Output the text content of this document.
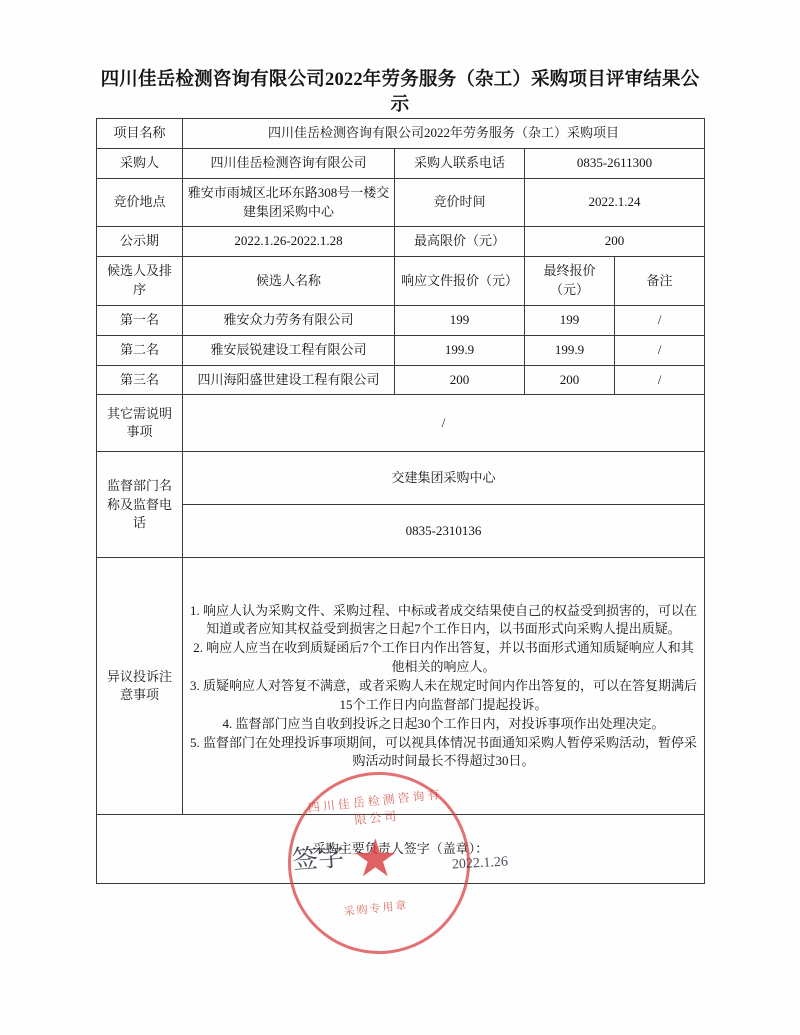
四川佳岳检测咨询有限公司2022年劳务服务（杂工）采购项目评审结果公示
项目名称	四川佳岳检测咨询有限公司2022年劳务服务（杂工）采购项目			
采购人	四川佳岳检测咨询有限公司	采购人联系电话	0835-2611300	
竞价地点	雅安市雨城区北环东路308号一楼交建集团采购中心	竞价时间	2022.1.24	
公示期	2022.1.26-2022.1.28	最高限价（元）	200	
候选人及排序	候选人名称	响应文件报价（元）	最终报价（元）	备注
第一名	雅安众力劳务有限公司	199	199	/
第二名	雅安辰锐建设工程有限公司	199.9	199.9	/
第三名	四川海阳盛世建设工程有限公司	200	200	/
其它需说明事项	/			
监督部门名称及监督电话	交建集团采购中心			
	0835-2310136			
异议投诉注意事项	1. 响应人认为采购文件、采购过程、中标或者成交结果使自己的权益受到损害的，可以在知道或者应知其权益受到损害之日起7个工作日内，以书面形式向采购人提出质疑。

2. 响应人应当在收到质疑函后7个工作日内作出答复，并以书面形式通知质疑响应人和其他相关的响应人。

3. 质疑响应人对答复不满意，或者采购人未在规定时间内作出答复的，可以在答复期满后15个工作日内向监督部门提起投诉。

4. 监督部门应当自收到投诉之日起30个工作日内，对投诉事项作出处理决定。

5. 监督部门在处理投诉事项期间，可以视具体情况书面通知采购人暂停采购活动，暂停采购活动时间最长不得超过30日。			

采购主要负责人签字（盖章）：				
四川佳岳检测咨询有限公司
★
采购专用章
签字	2022.1.26
